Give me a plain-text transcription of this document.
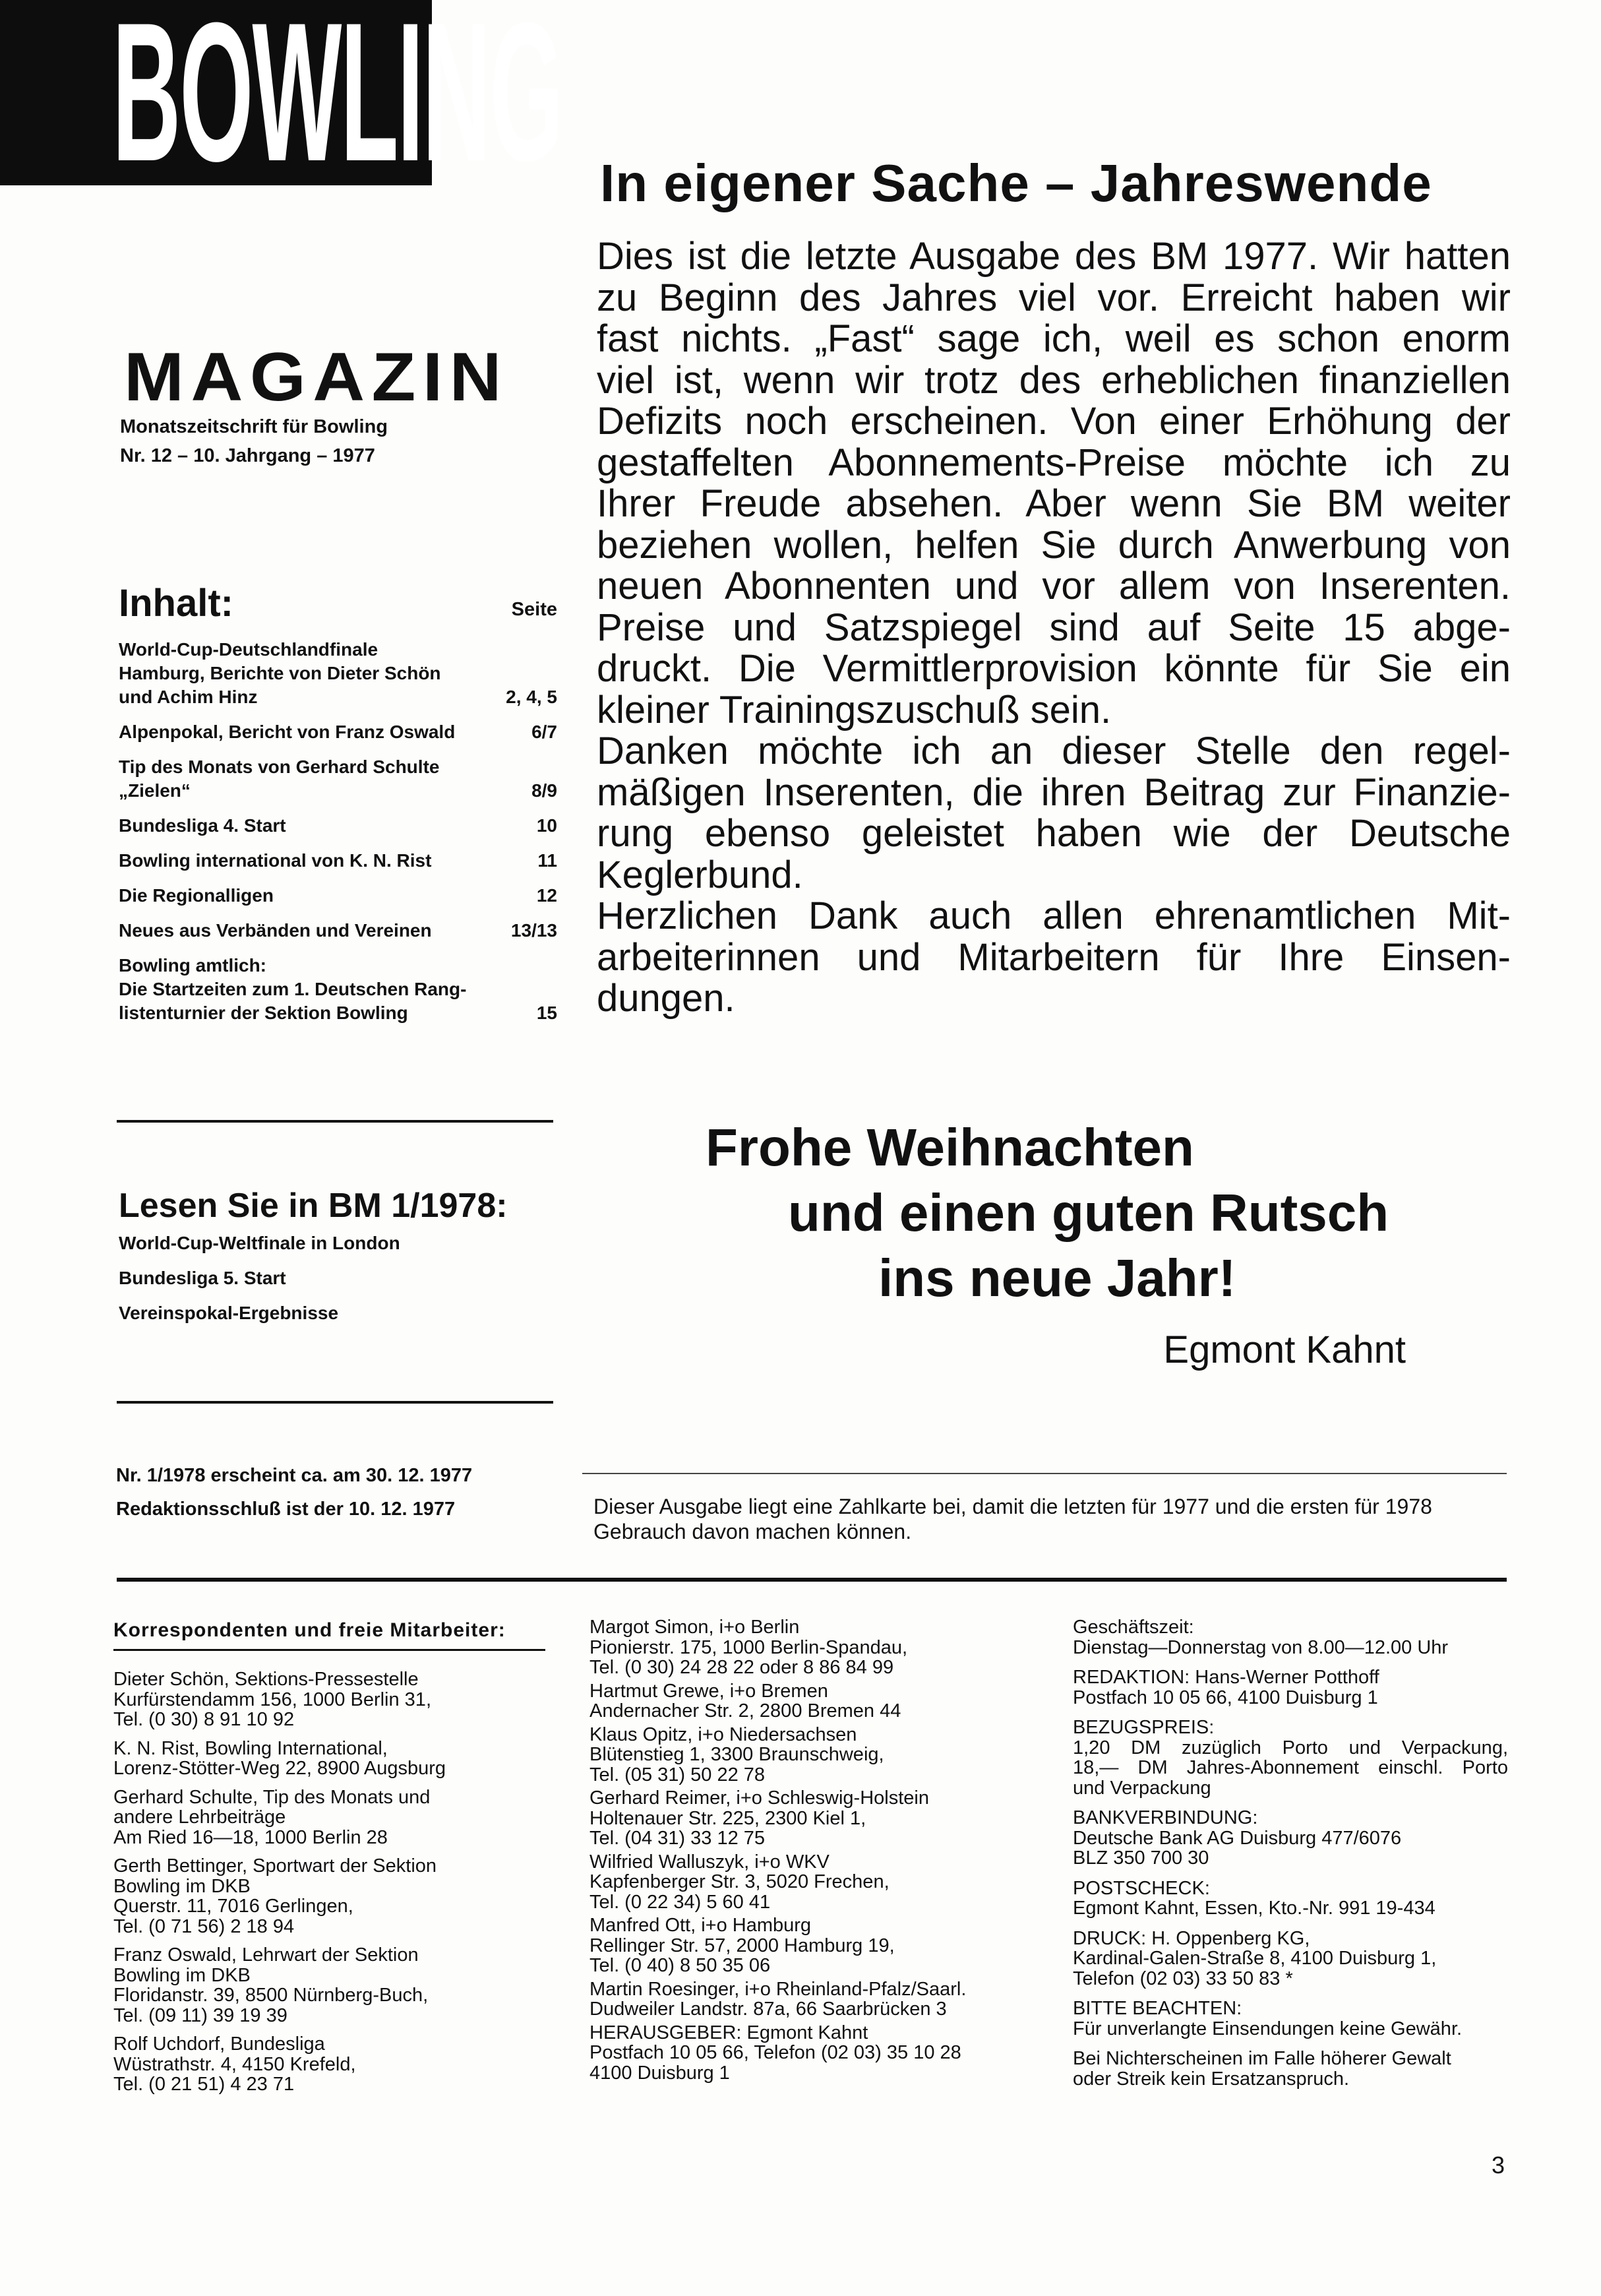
BOWLING
MAGAZIN
Monatszeitschrift für Bowling
Nr. 12 – 10. Jahrgang – 1977
Inhalt:	Seite
World-Cup-Deutschlandfinale
Hamburg, Berichte von Dieter Schön
und Achim Hinz	2, 4, 5
Alpenpokal, Bericht von Franz Oswald	6/7
Tip des Monats von Gerhard Schulte
„Zielen“	8/9
Bundesliga 4. Start	10
Bowling international von K. N. Rist	11
Die Regionalligen	12
Neues aus Verbänden und Vereinen	13/13
Bowling amtlich:
Die Startzeiten zum 1. Deutschen Rang-
listenturnier der Sektion Bowling	15
Lesen Sie in BM 1/1978:
World-Cup-Weltfinale in London
Bundesliga 5. Start
Vereinspokal-Ergebnisse
Nr. 1/1978 erscheint ca. am 30. 12. 1977
Redaktionsschluß ist der 10. 12. 1977
In eigener Sache – Jahreswende
Dies ist die letzte Ausgabe des BM 1977. Wir hatten
zu Beginn des Jahres viel vor. Erreicht haben wir
fast nichts. „Fast“ sage ich, weil es schon enorm
viel ist, wenn wir trotz des erheblichen finanziellen
Defizits noch erscheinen. Von einer Erhöhung der
gestaffelten Abonnements-Preise möchte ich zu
Ihrer Freude absehen. Aber wenn Sie BM weiter
beziehen wollen, helfen Sie durch Anwerbung von
neuen Abonnenten und vor allem von Inserenten.
Preise und Satzspiegel sind auf Seite 15 abge-
druckt. Die Vermittlerprovision könnte für Sie ein
kleiner Trainingszuschuß sein.
Danken möchte ich an dieser Stelle den regel-
mäßigen Inserenten, die ihren Beitrag zur Finanzie-
rung ebenso geleistet haben wie der Deutsche
Keglerbund.
Herzlichen Dank auch allen ehrenamtlichen Mit-
arbeiterinnen und Mitarbeitern für Ihre Einsen-
dungen.
Frohe Weihnachten
und einen guten Rutsch
ins neue Jahr!
Egmont Kahnt
Dieser Ausgabe liegt eine Zahlkarte bei, damit die letzten für 1977 und die ersten für 1978 Gebrauch davon machen können.
Korrespondenten und freie Mitarbeiter:
Dieter Schön, Sektions-Pressestelle
Kurfürstendamm 156, 1000 Berlin 31,
Tel. (0 30) 8 91 10 92
K. N. Rist, Bowling International,
Lorenz-Stötter-Weg 22, 8900 Augsburg
Gerhard Schulte, Tip des Monats und
andere Lehrbeiträge
Am Ried 16—18, 1000 Berlin 28
Gerth Bettinger, Sportwart der Sektion
Bowling im DKB
Querstr. 11, 7016 Gerlingen,
Tel. (0 71 56) 2 18 94
Franz Oswald, Lehrwart der Sektion
Bowling im DKB
Floridanstr. 39, 8500 Nürnberg-Buch,
Tel. (09 11) 39 19 39
Rolf Uchdorf, Bundesliga
Wüstrathstr. 4, 4150 Krefeld,
Tel. (0 21 51) 4 23 71
Margot Simon, i+o Berlin
Pionierstr. 175, 1000 Berlin-Spandau,
Tel. (0 30) 24 28 22 oder 8 86 84 99
Hartmut Grewe, i+o Bremen
Andernacher Str. 2, 2800 Bremen 44
Klaus Opitz, i+o Niedersachsen
Blütenstieg 1, 3300 Braunschweig,
Tel. (05 31) 50 22 78
Gerhard Reimer, i+o Schleswig-Holstein
Holtenauer Str. 225, 2300 Kiel 1,
Tel. (04 31) 33 12 75
Wilfried Walluszyk, i+o WKV
Kapfenberger Str. 3, 5020 Frechen,
Tel. (0 22 34) 5 60 41
Manfred Ott, i+o Hamburg
Rellinger Str. 57, 2000 Hamburg 19,
Tel. (0 40) 8 50 35 06
Martin Roesinger, i+o Rheinland-Pfalz/Saarl.
Dudweiler Landstr. 87a, 66 Saarbrücken 3
HERAUSGEBER: Egmont Kahnt
Postfach 10 05 66, Telefon (02 03) 35 10 28
4100 Duisburg 1
Geschäftszeit:
Dienstag—Donnerstag von 8.00—12.00 Uhr
REDAKTION: Hans-Werner Potthoff
Postfach 10 05 66, 4100 Duisburg 1
BEZUGSPREIS:
1,20 DM zuzüglich Porto und Verpackung,
18,— DM Jahres-Abonnement einschl. Porto
und Verpackung
BANKVERBINDUNG:
Deutsche Bank AG Duisburg 477/6076
BLZ 350 700 30
POSTSCHECK:
Egmont Kahnt, Essen, Kto.-Nr. 991 19-434
DRUCK: H. Oppenberg KG,
Kardinal-Galen-Straße 8, 4100 Duisburg 1,
Telefon (02 03) 33 50 83 *
BITTE BEACHTEN:
Für unverlangte Einsendungen keine Gewähr.
Bei Nichterscheinen im Falle höherer Gewalt
oder Streik kein Ersatzanspruch.
3
